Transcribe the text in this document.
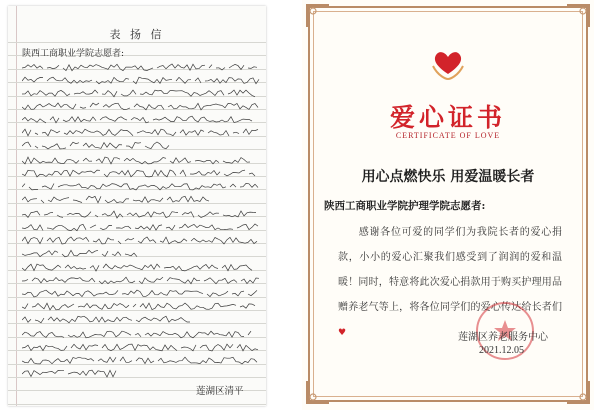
表 扬 信
陕西工商职业学院志愿者:
莲湖区清平
爱心证书
CERTIFICATE OF LOVE
用心点燃快乐 用爱温暖长者
陕西工商职业学院护理学院志愿者:
感谢各位可爱的同学们为我院长者的爱心捐款，小小的爱心汇聚我们感受到了润润的爱和温暖！同时，特意将此次爱心捐款用于购买护理用品赠养老气等上，将各位同学们的爱心传达给长者们♥	莲湖区养老服务中心
2021.12.05
